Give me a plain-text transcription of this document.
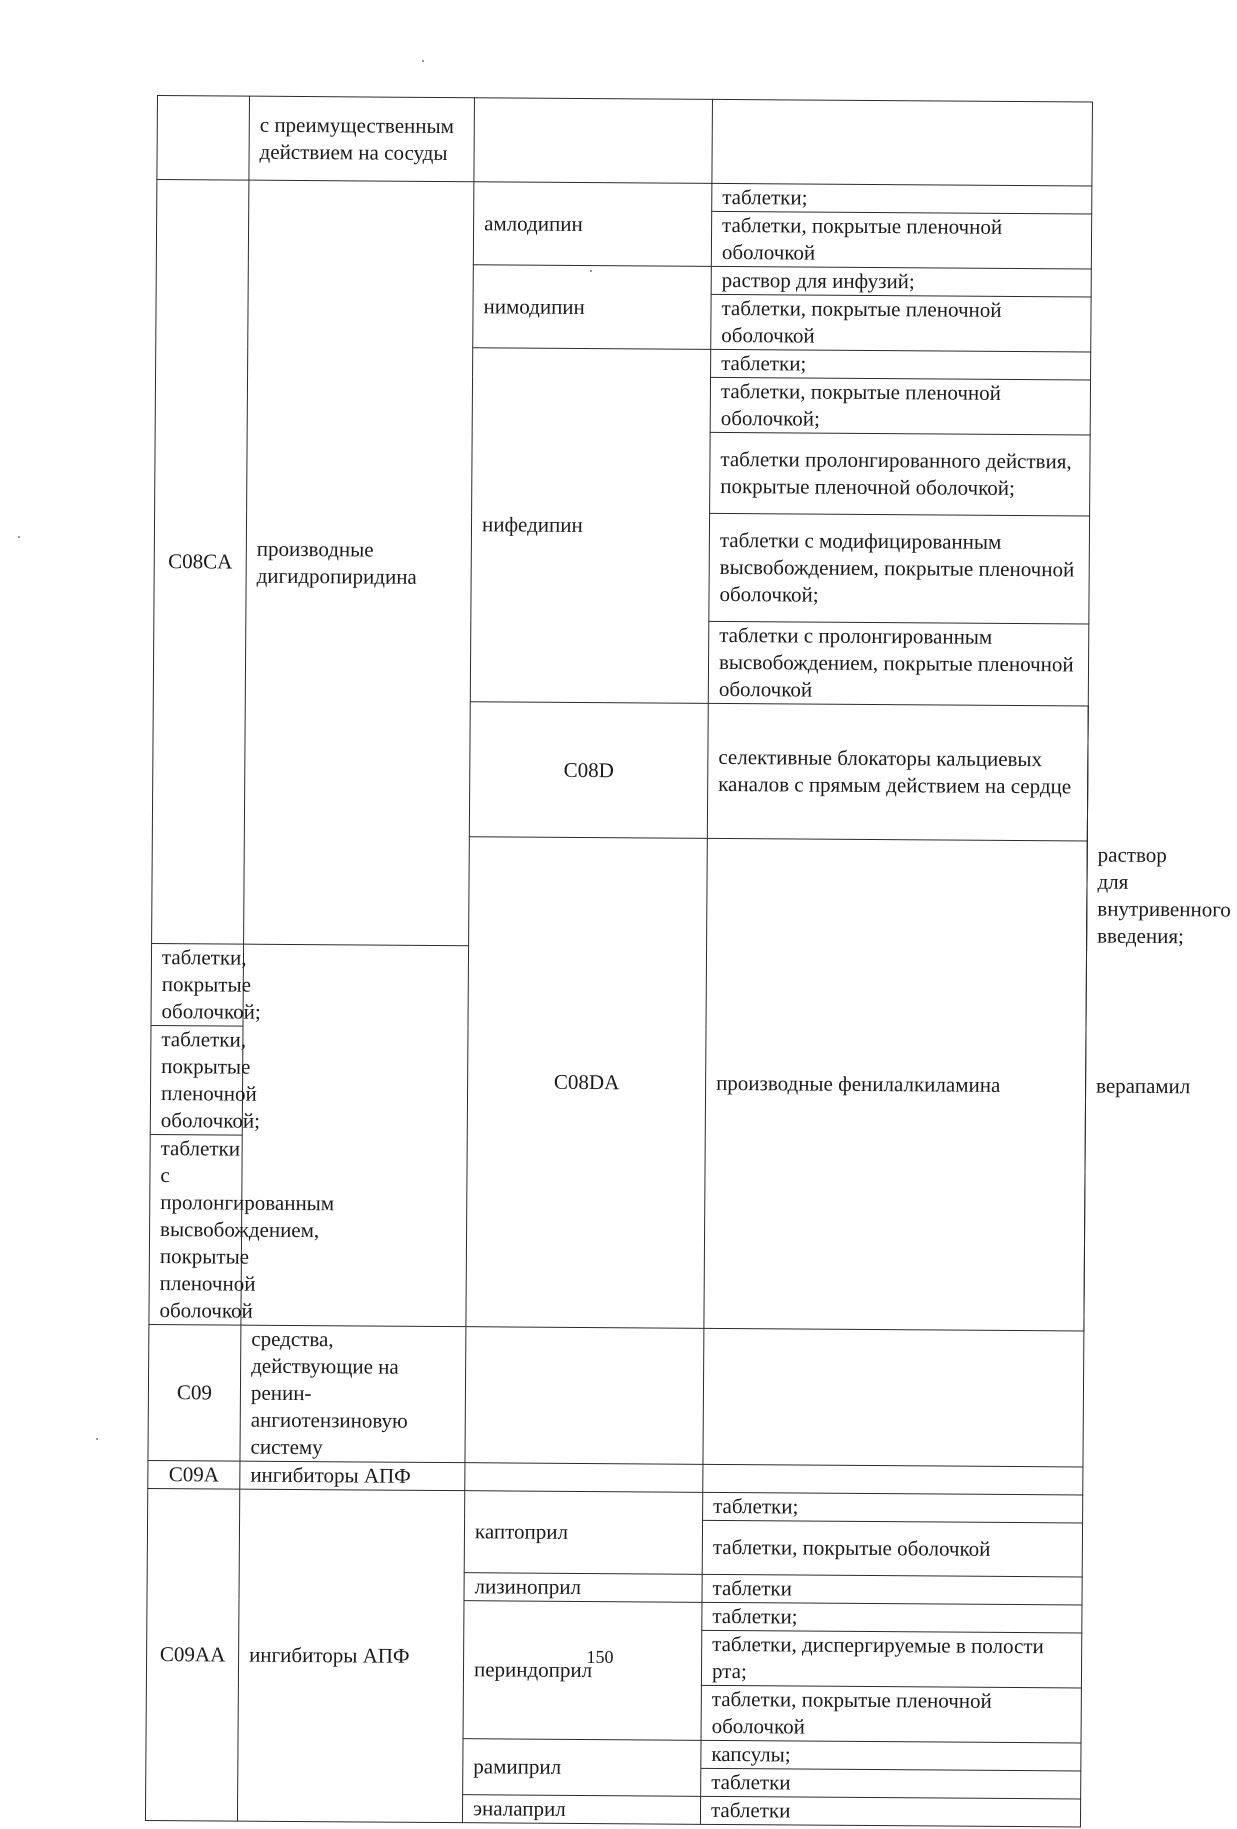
	с преимущественным действием на сосуды			
C08CA	производные дигидропиридина	амлодипин	таблетки;	
			таблетки, покрытые пленочной оболочкой	
		нимодипин	раствор для инфузий;	
			таблетки, покрытые пленочной оболочкой	
		нифедипин	таблетки;	
			таблетки, покрытые пленочной оболочкой;	
			таблетки пролонгированного действия, покрытые пленочной оболочкой;	
			таблетки с модифицированным высвобождением, покрытые пленочной оболочкой;	
			таблетки с пролонгированным высвобождением, покрытые пленочной оболочкой	
		C08D	селективные блокаторы кальциевых каналов с прямым действием на сердце		
		C08DA	производные фенилалкиламина	верапамил	раствор для внутривенного введения;
таблетки, покрытые оболочкой;				
таблетки, покрытые пленочной оболочкой;				
таблетки с пролонгированным высвобождением, покрытые пленочной оболочкой				
C09	средства, действующие на ренин-ангиотензиновую систему			
C09A	ингибиторы АПФ			
C09AA	ингибиторы АПФ	каптоприл	таблетки;	
			таблетки, покрытые оболочкой	
		лизиноприл	таблетки	
		периндоприл	таблетки;	
			таблетки, диспергируемые в полости рта;	
			таблетки, покрытые пленочной оболочкой	
		рамиприл	капсулы;	
			таблетки	
		эналаприл	таблетки	
150
